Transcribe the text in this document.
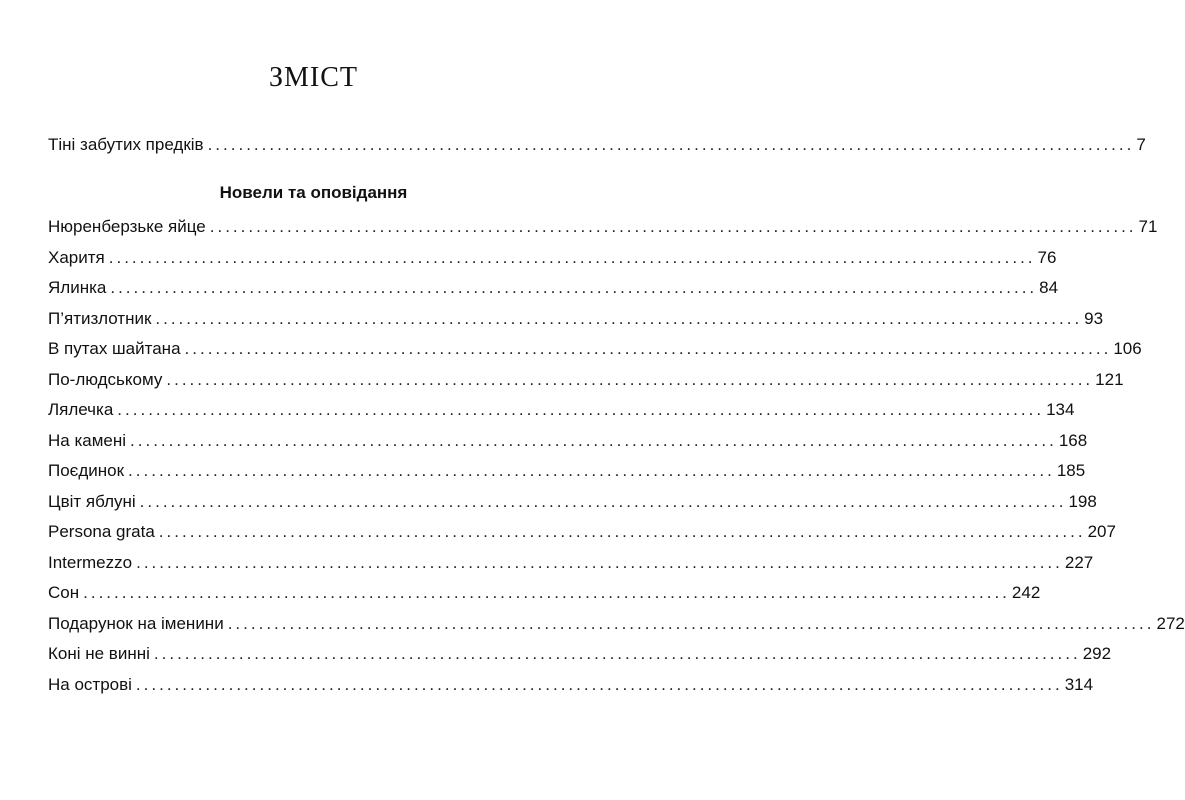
ЗМІСТ
Тіні забутих предків ........................................................................................................................ 7
Новели та оповідання
Нюренберзьке яйце ........................................................................................................................ 71
Харитя ........................................................................................................................ 76
Ялинка ........................................................................................................................ 84
П’ятизлотник ........................................................................................................................ 93
В путах шайтана ........................................................................................................................ 106
По-людському ........................................................................................................................ 121
Лялечка ........................................................................................................................ 134
На камені ........................................................................................................................ 168
Поєдинок ........................................................................................................................ 185
Цвіт яблуні ........................................................................................................................ 198
Persona grata ........................................................................................................................ 207
Intermezzo ........................................................................................................................ 227
Сон ........................................................................................................................ 242
Подарунок на іменини ........................................................................................................................ 272
Коні не винні ........................................................................................................................ 292
На острові ........................................................................................................................ 314
